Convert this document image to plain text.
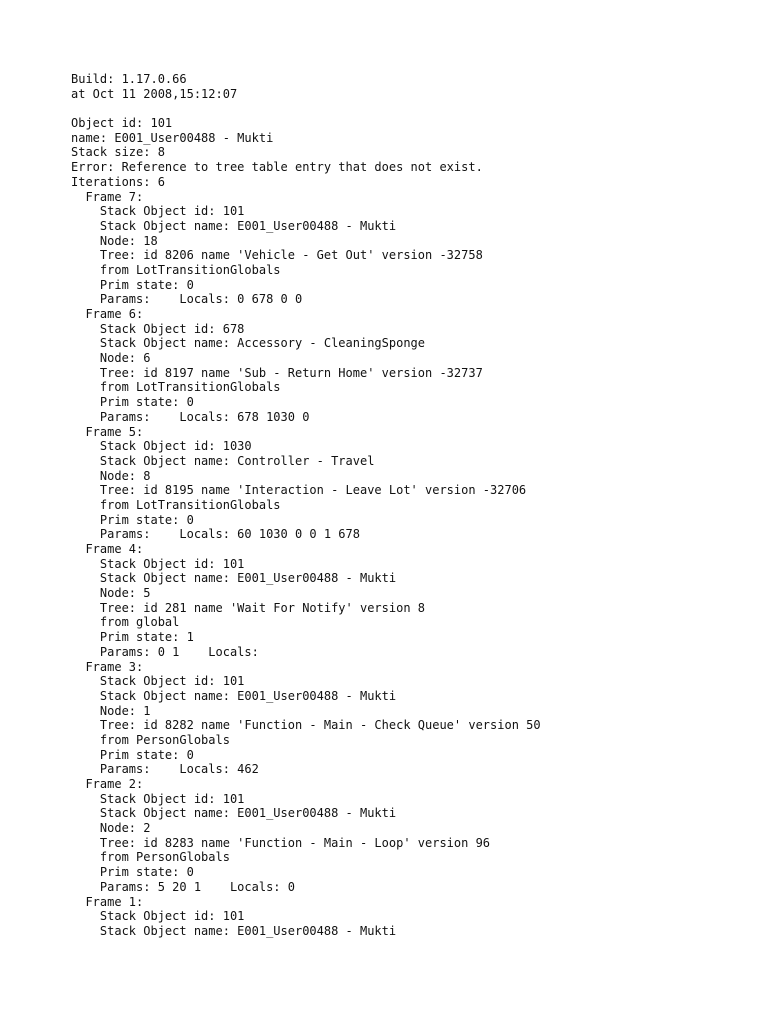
Build: 1.17.0.66
at Oct 11 2008,15:12:07
Object id: 101
name: E001_User00488 - Mukti
Stack size: 8
Error: Reference to tree table entry that does not exist.
Iterations: 6
Frame 7:
Stack Object id: 101
Stack Object name: E001_User00488 - Mukti
Node: 18
Tree: id 8206 name 'Vehicle - Get Out' version -32758
from LotTransitionGlobals
Prim state: 0
Params:    Locals: 0 678 0 0
Frame 6:
Stack Object id: 678
Stack Object name: Accessory - CleaningSponge
Node: 6
Tree: id 8197 name 'Sub - Return Home' version -32737
from LotTransitionGlobals
Prim state: 0
Params:    Locals: 678 1030 0
Frame 5:
Stack Object id: 1030
Stack Object name: Controller - Travel
Node: 8
Tree: id 8195 name 'Interaction - Leave Lot' version -32706
from LotTransitionGlobals
Prim state: 0
Params:    Locals: 60 1030 0 0 1 678
Frame 4:
Stack Object id: 101
Stack Object name: E001_User00488 - Mukti
Node: 5
Tree: id 281 name 'Wait For Notify' version 8
from global
Prim state: 1
Params: 0 1    Locals:
Frame 3:
Stack Object id: 101
Stack Object name: E001_User00488 - Mukti
Node: 1
Tree: id 8282 name 'Function - Main - Check Queue' version 50
from PersonGlobals
Prim state: 0
Params:    Locals: 462
Frame 2:
Stack Object id: 101
Stack Object name: E001_User00488 - Mukti
Node: 2
Tree: id 8283 name 'Function - Main - Loop' version 96
from PersonGlobals
Prim state: 0
Params: 5 20 1    Locals: 0
Frame 1:
Stack Object id: 101
Stack Object name: E001_User00488 - Mukti
